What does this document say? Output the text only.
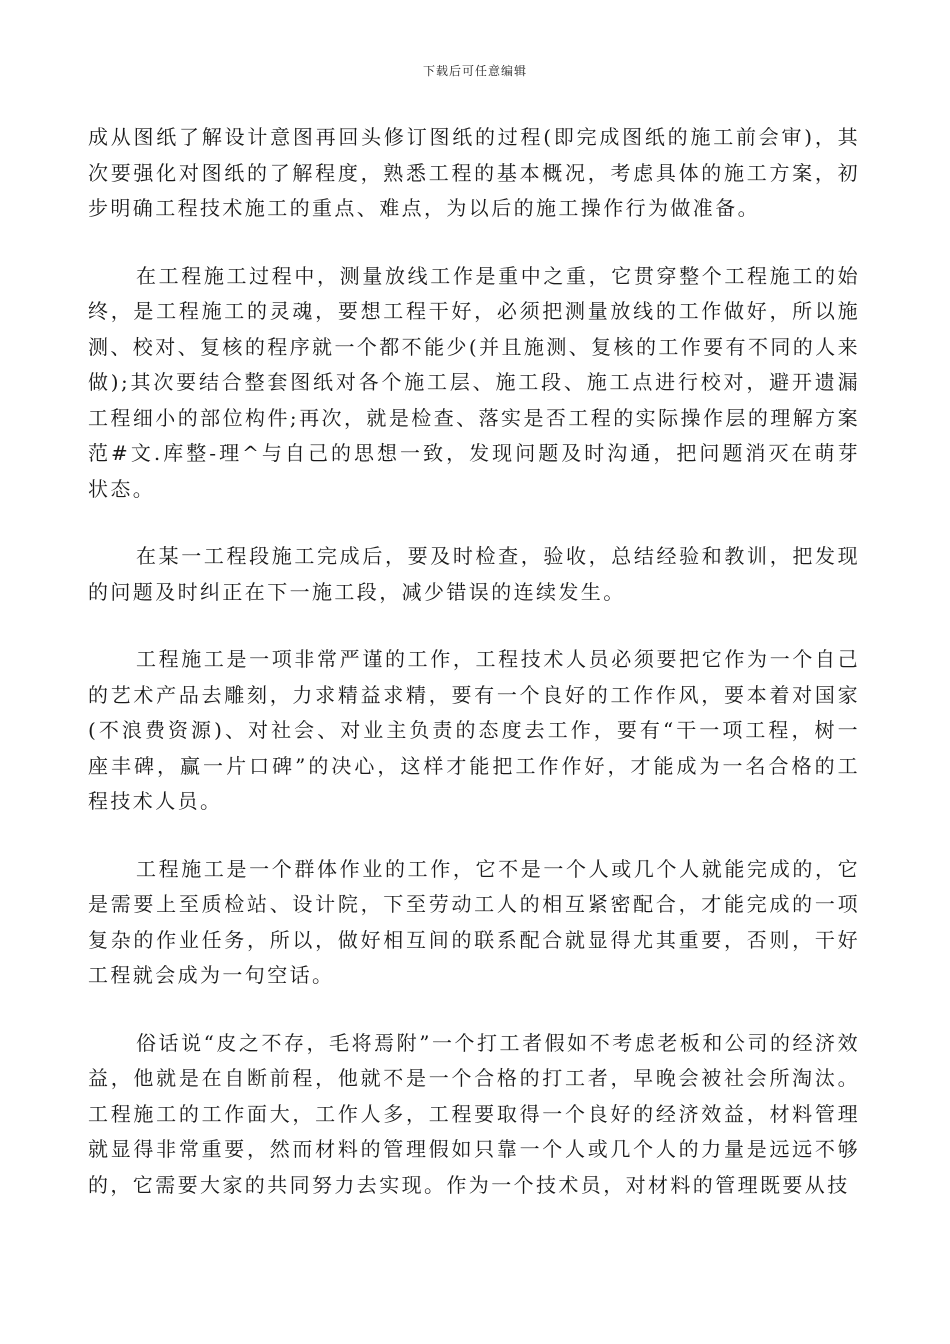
下载后可任意编辑

成从图纸了解设计意图再回头修订图纸的过程(即完成图纸的施工前会审)，其次要强化对图纸的了解程度，熟悉工程的基本概况，考虑具体的施工方案，初步明确工程技术施工的重点、难点，为以后的施工操作行为做准备。

在工程施工过程中，测量放线工作是重中之重，它贯穿整个工程施工的始终，是工程施工的灵魂，要想工程干好，必须把测量放线的工作做好，所以施测、校对、复核的程序就一个都不能少(并且施测、复核的工作要有不同的人来做);其次要结合整套图纸对各个施工层、施工段、施工点进行校对，避开遗漏工程细小的部位构件;再次，就是检查、落实是否工程的实际操作层的理解方案范#文.库整-理^与自己的思想一致，发现问题及时沟通，把问题消灭在萌芽状态。

在某一工程段施工完成后，要及时检查，验收，总结经验和教训，把发现的问题及时纠正在下一施工段，减少错误的连续发生。

工程施工是一项非常严谨的工作，工程技术人员必须要把它作为一个自己的艺术产品去雕刻，力求精益求精，要有一个良好的工作作风，要本着对国家(不浪费资源)、对社会、对业主负责的态度去工作，要有“干一项工程，树一座丰碑，赢一片口碑”的决心，这样才能把工作作好，才能成为一名合格的工程技术人员。

工程施工是一个群体作业的工作，它不是一个人或几个人就能完成的，它是需要上至质检站、设计院，下至劳动工人的相互紧密配合，才能完成的一项复杂的作业任务，所以，做好相互间的联系配合就显得尤其重要，否则，干好工程就会成为一句空话。

俗话说“皮之不存，毛将焉附”一个打工者假如不考虑老板和公司的经济效益，他就是在自断前程，他就不是一个合格的打工者，早晚会被社会所淘汰。工程施工的工作面大，工作人多，工程要取得一个良好的经济效益，材料管理就显得非常重要，然而材料的管理假如只靠一个人或几个人的力量是远远不够的，它需要大家的共同努力去实现。作为一个技术员，对材料的管理既要从技
